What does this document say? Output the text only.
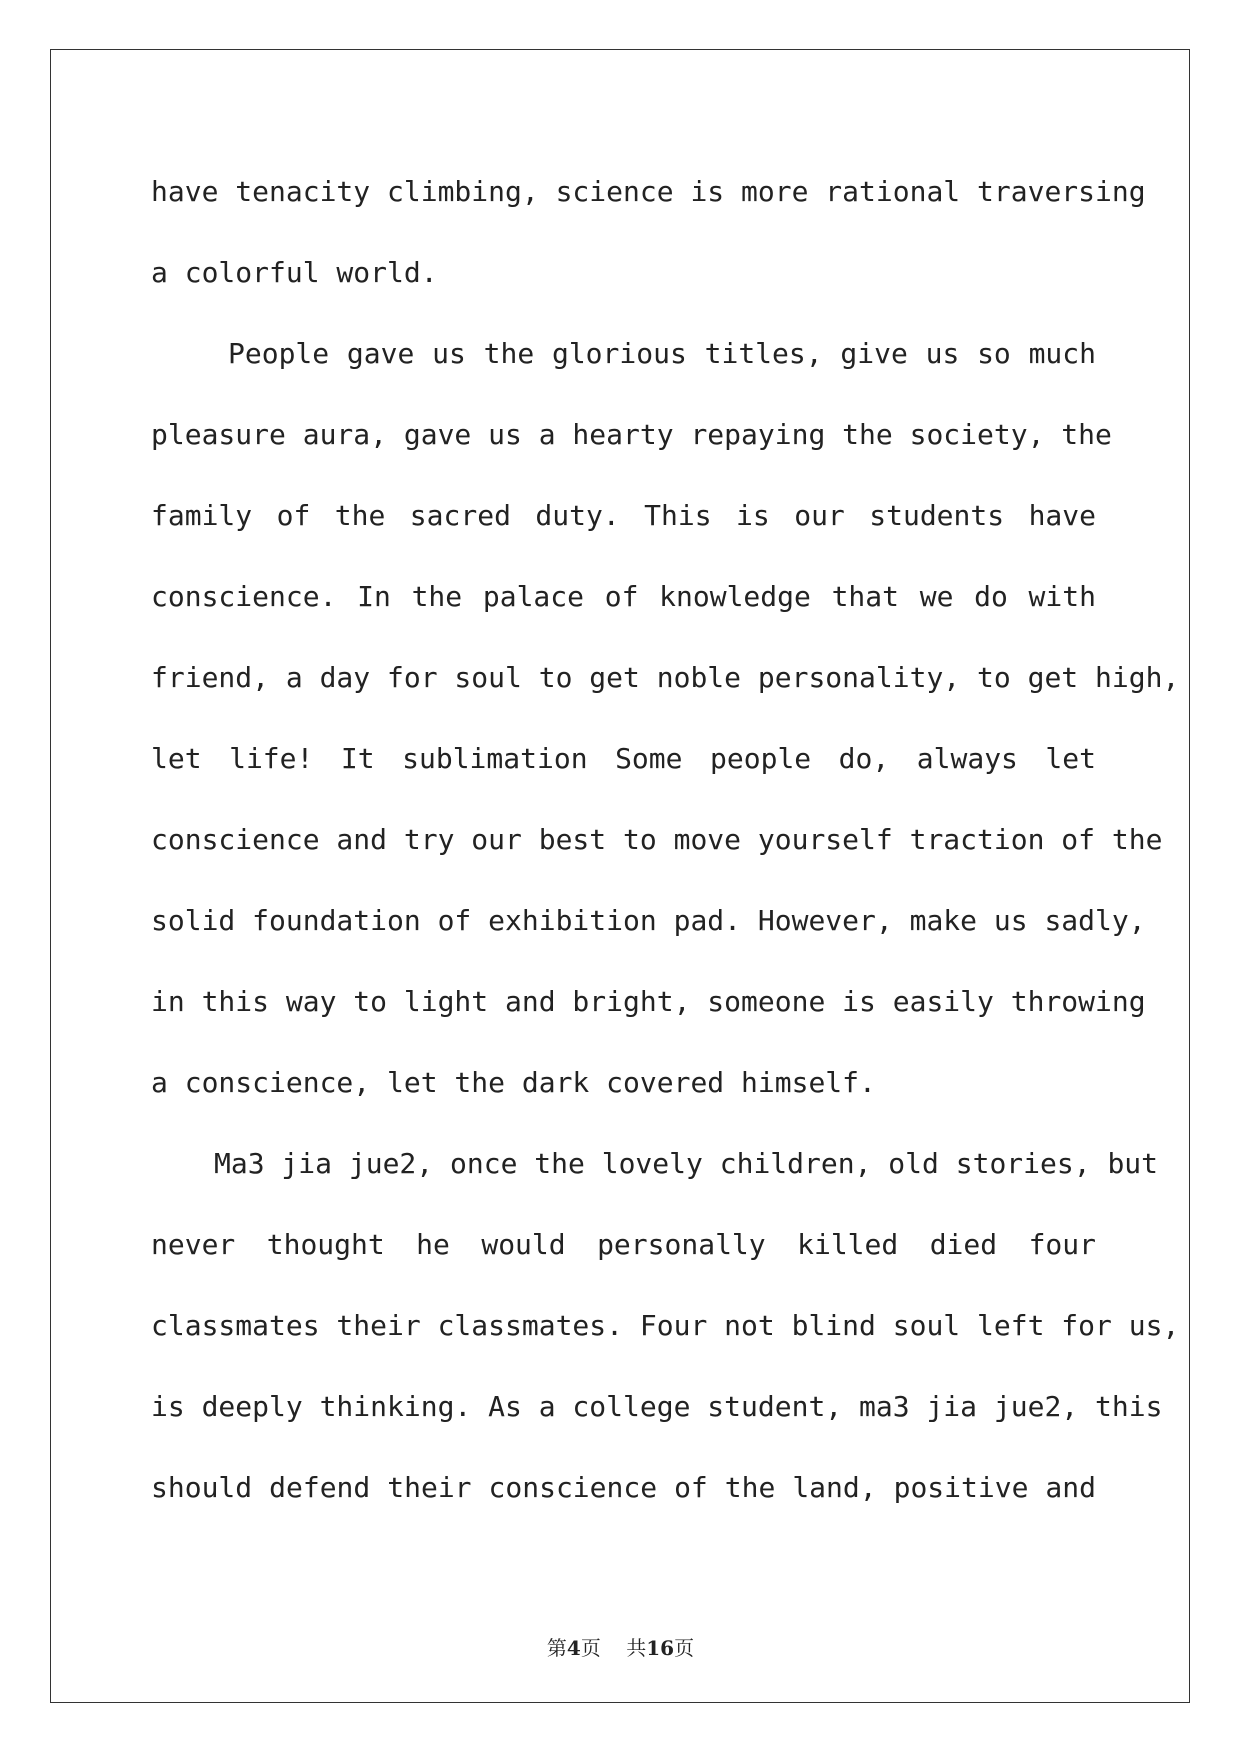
have tenacity climbing, science is more rational traversing
a colorful world.
People gave us the glorious titles, give us so much
pleasure aura, gave us a hearty repaying the society, the
family of the sacred duty. This is our students have
conscience. In the palace of knowledge that we do with
friend, a day for soul to get noble personality, to get high,
let life! It sublimation Some people do, always let
conscience and try our best to move yourself traction of the
solid foundation of exhibition pad. However, make us sadly,
in this way to light and bright, someone is easily throwing
a conscience, let the dark covered himself.
Ma3 jia jue2, once the lovely children, old stories, but
never thought he would personally killed died four
classmates their classmates. Four not blind soul left for us,
is deeply thinking. As a college student, ma3 jia jue2, this
should defend their conscience of the land, positive and
第4页 共16页
